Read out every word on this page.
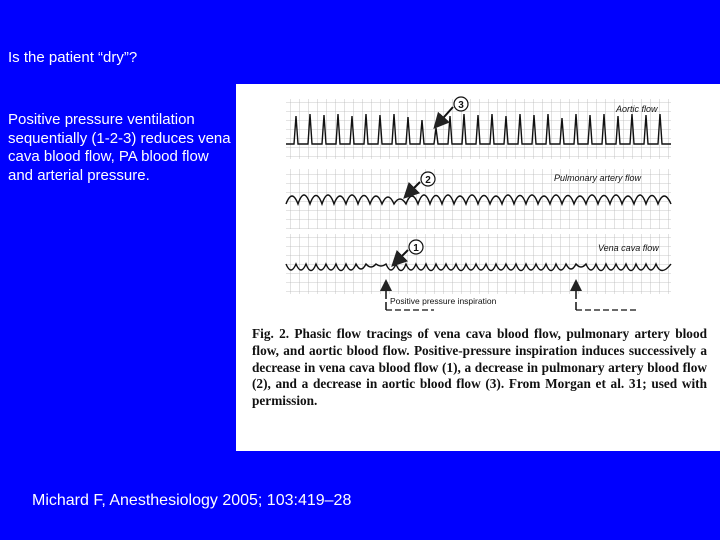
Is the patient “dry”?
Positive pressure ventilation sequentially (1-2-3) reduces vena cava blood flow, PA blood flow and arterial pressure.
Aortic flow
Pulmonary artery flow
Vena cava flow
3
2
1
Positive pressure inspiration
Fig. 2. Phasic flow tracings of vena cava blood flow, pulmonary artery blood flow, and aortic blood flow. Positive-pressure inspiration induces successively a decrease in vena cava blood flow (1), a decrease in pulmonary artery blood flow (2), and a decrease in aortic blood flow (3). From Morgan et al. 31; used with permission.
Michard F, Anesthesiology 2005; 103:419–28
